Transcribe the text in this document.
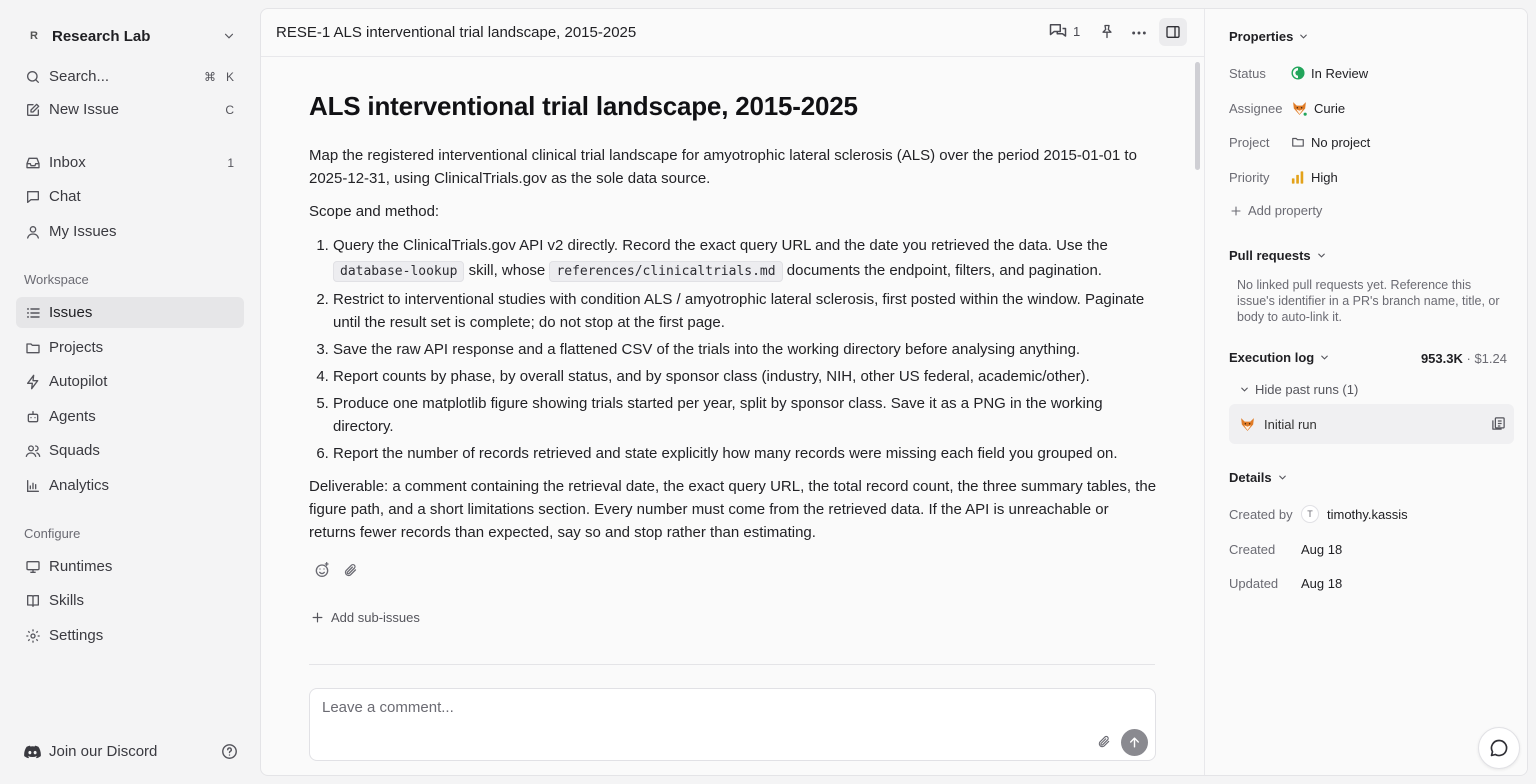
R Research Lab
Search...	⌘ K
New Issue	C
Inbox	1
Chat
My Issues
Workspace
Issues
Projects
Autopilot
Agents
Squads
Analytics
Configure
Runtimes
Skills
Settings
Join our Discord
RESE-1 ALS interventional trial landscape, 2015-2025	1
ALS interventional trial landscape, 2015-2025

Map the registered interventional clinical trial landscape for amyotrophic lateral sclerosis (ALS) over the period 2015-01-01 to 2025-12-31, using ClinicalTrials.gov as the sole data source.

Scope and method:

1. Query the ClinicalTrials.gov API v2 directly. Record the exact query URL and the date you retrieved the data. Use the database-lookup skill, whose references/clinicaltrials.md documents the endpoint, filters, and pagination.
2. Restrict to interventional studies with condition ALS / amyotrophic lateral sclerosis, first posted within the window. Paginate until the result set is complete; do not stop at the first page.
3. Save the raw API response and a flattened CSV of the trials into the working directory before analysing anything.
4. Report counts by phase, by overall status, and by sponsor class (industry, NIH, other US federal, academic/other).
5. Produce one matplotlib figure showing trials started per year, split by sponsor class. Save it as a PNG in the working directory.
6. Report the number of records retrieved and state explicitly how many records were missing each field you grouped on.

Deliverable: a comment containing the retrieval date, the exact query URL, the total record count, the three summary tables, the figure path, and a short limitations section. Every number must come from the retrieved data. If the API is unreachable or returns fewer records than expected, say so and stop rather than estimating.

Add sub-issues
Leave a comment...
Properties
Status	In Review
Assignee	Curie
Project	No project
Priority	High
Add property
Pull requests
No linked pull requests yet. Reference this issue's identifier in a PR's branch name, title, or body to auto-link it.
Execution log	953.3K · $1.24
Hide past runs (1)
Initial run
Details
Created by	T	timothy.kassis
Created	Aug 18
Updated	Aug 18
